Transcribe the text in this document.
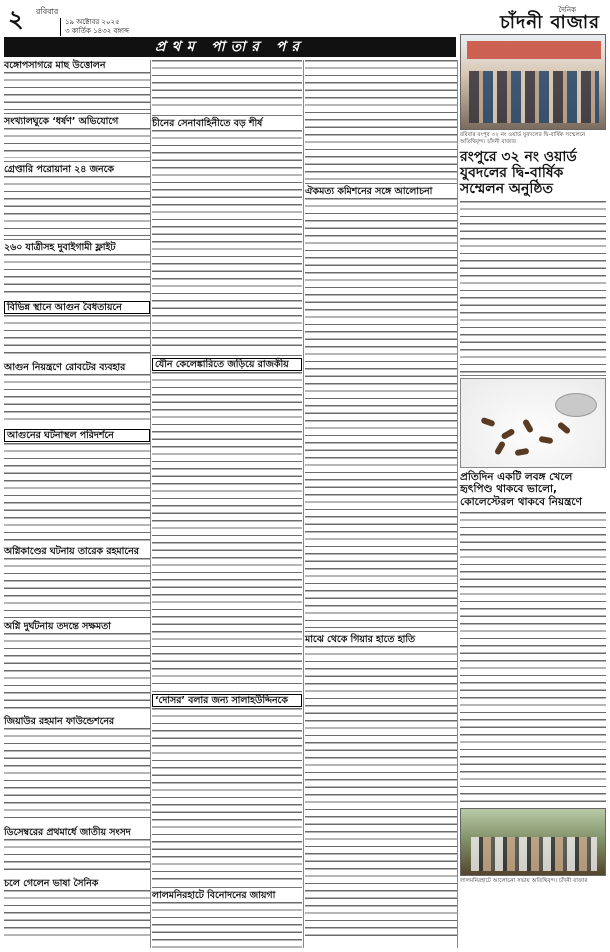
২ রবিবার
১৯ অক্টোবর ২০২৫
৩ কার্তিক ১৪৩২ বঙ্গাব্দ
দৈনিক
চাঁদনী বাজার
প্রথম পাতার পর
বঙ্গোপসাগরে মাছ উত্তোলন
সংখ্যালঘুকে ‘ধর্ষণ’ অভিযোগে
গ্রেপ্তারি পরোয়ানা ২৪ জনকে
২৬০ যাত্রীসহ দুবাইগামী ফ্লাইট
বিভিন্ন স্থানে আগুন বৈধতায়নে
আগুন নিয়ন্ত্রণে রোবটের ব্যবহার
আগুনের ঘটনাস্থল পরিদর্শনে
অগ্নিকাণ্ডের ঘটনায় তারেক রহমানের
অগ্নি দুর্ঘটনায় তদন্তে সক্ষমতা
জিয়াউর রহমান ফাউন্ডেশনের
ডিসেম্বরের প্রথমার্ধে জাতীয় সংসদ
চলে গেলেন ভাষা সৈনিক
চীনের সেনাবাহিনীতে বড় শীর্ষ
যৌন কেলেঙ্কারিতে জড়িয়ে রাজকীয়
‘দোসর’ বলার জন্য সালাহউদ্দিনকে
লালমনিরহাটে বিনোদনের জায়গা
ঐকমত্য কমিশনের সঙ্গে আলোচনা
মাঝে থেকে গিয়ার হাতে হাতি
রবিবার রংপুর ৩২ নং ওয়ার্ড যুবদলের দ্বি-বার্ষিক সম্মেলনে অতিথিবৃন্দ। চাঁদনী বাজার
রংপুরে ৩২ নং ওয়ার্ড যুবদলের দ্বি-বার্ষিক সম্মেলন অনুষ্ঠিত
প্রতিদিন একটি লবঙ্গ খেলে হৃৎপিণ্ড থাকবে ভালো, কোলেস্টেরল থাকবে নিয়ন্ত্রণে
লালমনিরহাটে আলোচনা সভায় অতিথিবৃন্দ। চাঁদনী বাজার
